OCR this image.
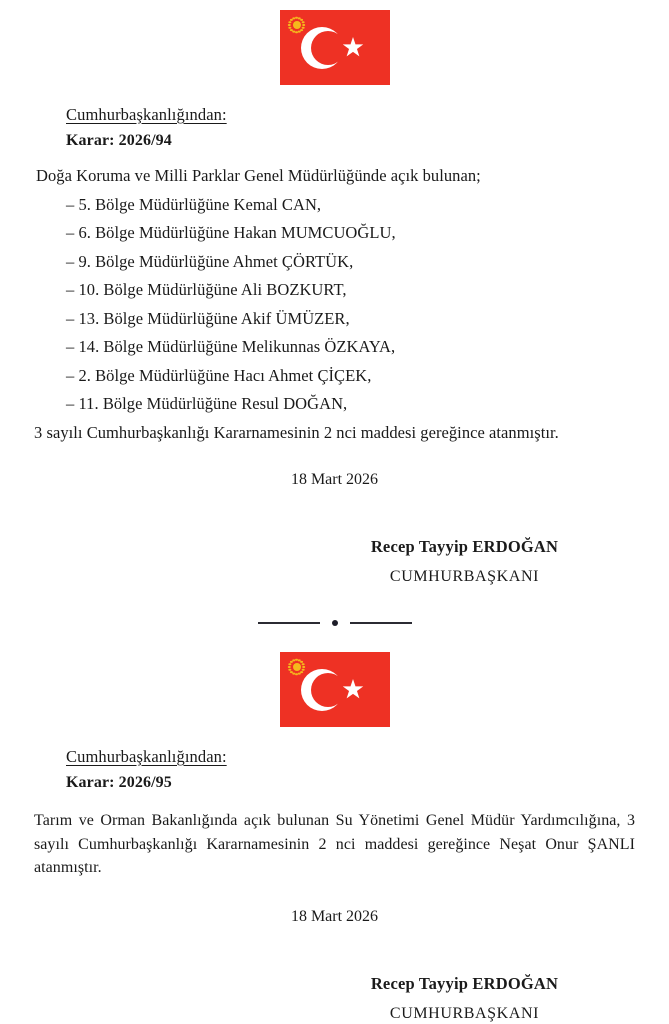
Cumhurbaşkanlığından:
Karar: 2026/94
Doğa Koruma ve Milli Parklar Genel Müdürlüğünde açık bulunan;
– 5. Bölge Müdürlüğüne Kemal CAN,
– 6. Bölge Müdürlüğüne Hakan MUMCUOĞLU,
– 9. Bölge Müdürlüğüne Ahmet ÇÖRTÜK,
– 10. Bölge Müdürlüğüne Ali BOZKURT,
– 13. Bölge Müdürlüğüne Akif ÜMÜZER,
– 14. Bölge Müdürlüğüne Melikunnas ÖZKAYA,
– 2. Bölge Müdürlüğüne Hacı Ahmet ÇİÇEK,
– 11. Bölge Müdürlüğüne Resul DOĞAN,
3 sayılı Cumhurbaşkanlığı Kararnamesinin 2 nci maddesi gereğince atanmıştır.
18 Mart 2026
Recep Tayyip ERDOĞAN
CUMHURBAŞKANI
Cumhurbaşkanlığından:
Karar: 2026/95
Tarım ve Orman Bakanlığında açık bulunan Su Yönetimi Genel Müdür Yardımcılığına, 3 sayılı Cumhurbaşkanlığı Kararnamesinin 2 nci maddesi gereğince Neşat Onur ŞANLI atanmıştır.
18 Mart 2026
Recep Tayyip ERDOĞAN
CUMHURBAŞKANI
